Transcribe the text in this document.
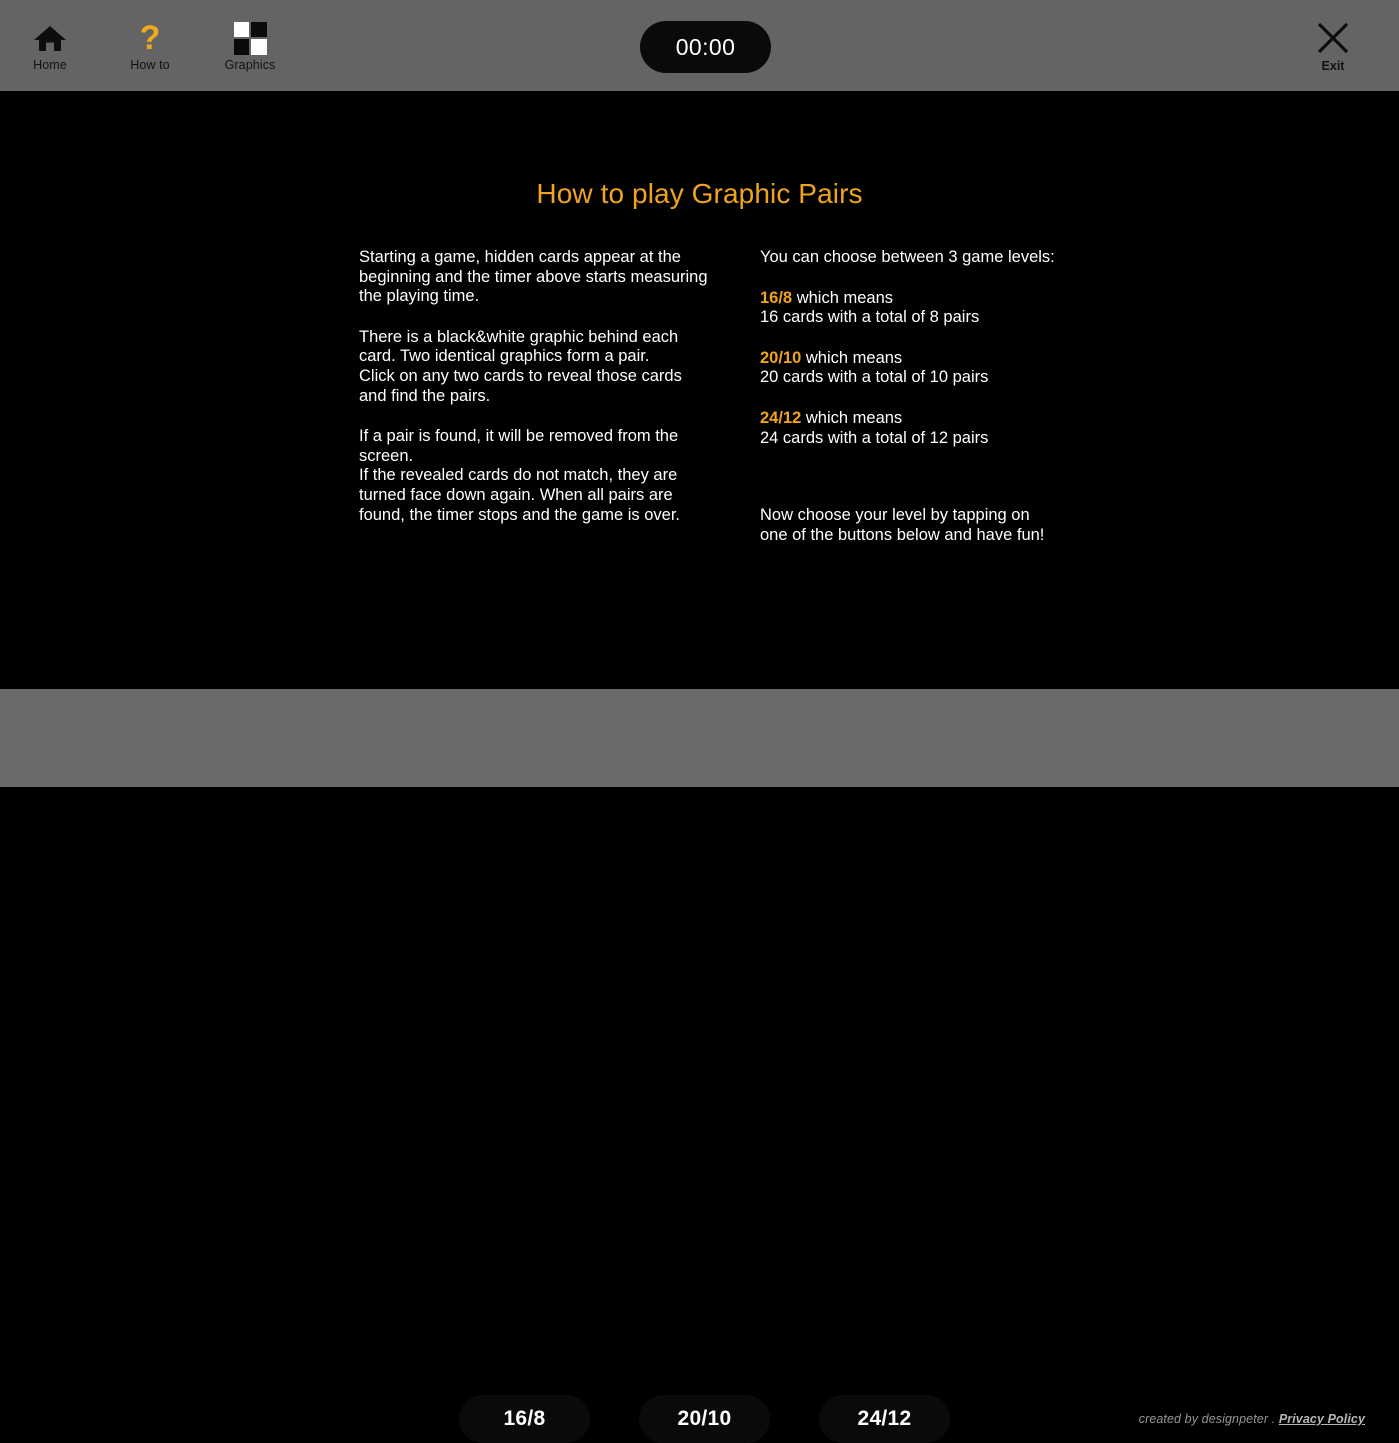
Home
?
How to	Graphics
00:00
Exit
How to play Graphic Pairs

Starting a game, hidden cards appear at the beginning and the timer above starts measuring the playing time.

There is a black&white graphic behind each card. Two identical graphics form a pair.

Click on any two cards to reveal those cards and find the pairs.

If a pair is found, it will be removed from the screen.

If the revealed cards do not match, they are turned face down again. When all pairs are found, the timer stops and the game is over.

You can choose between 3 game levels:

16/8 which means
16 cards with a total of 8 pairs

20/10 which means
20 cards with a total of 10 pairs

24/12 which means
24 cards with a total of 12 pairs

Now choose your level by tapping on one of the buttons below and have fun!

16/8	20/10	24/12	created by designpeter . Privacy Policy
